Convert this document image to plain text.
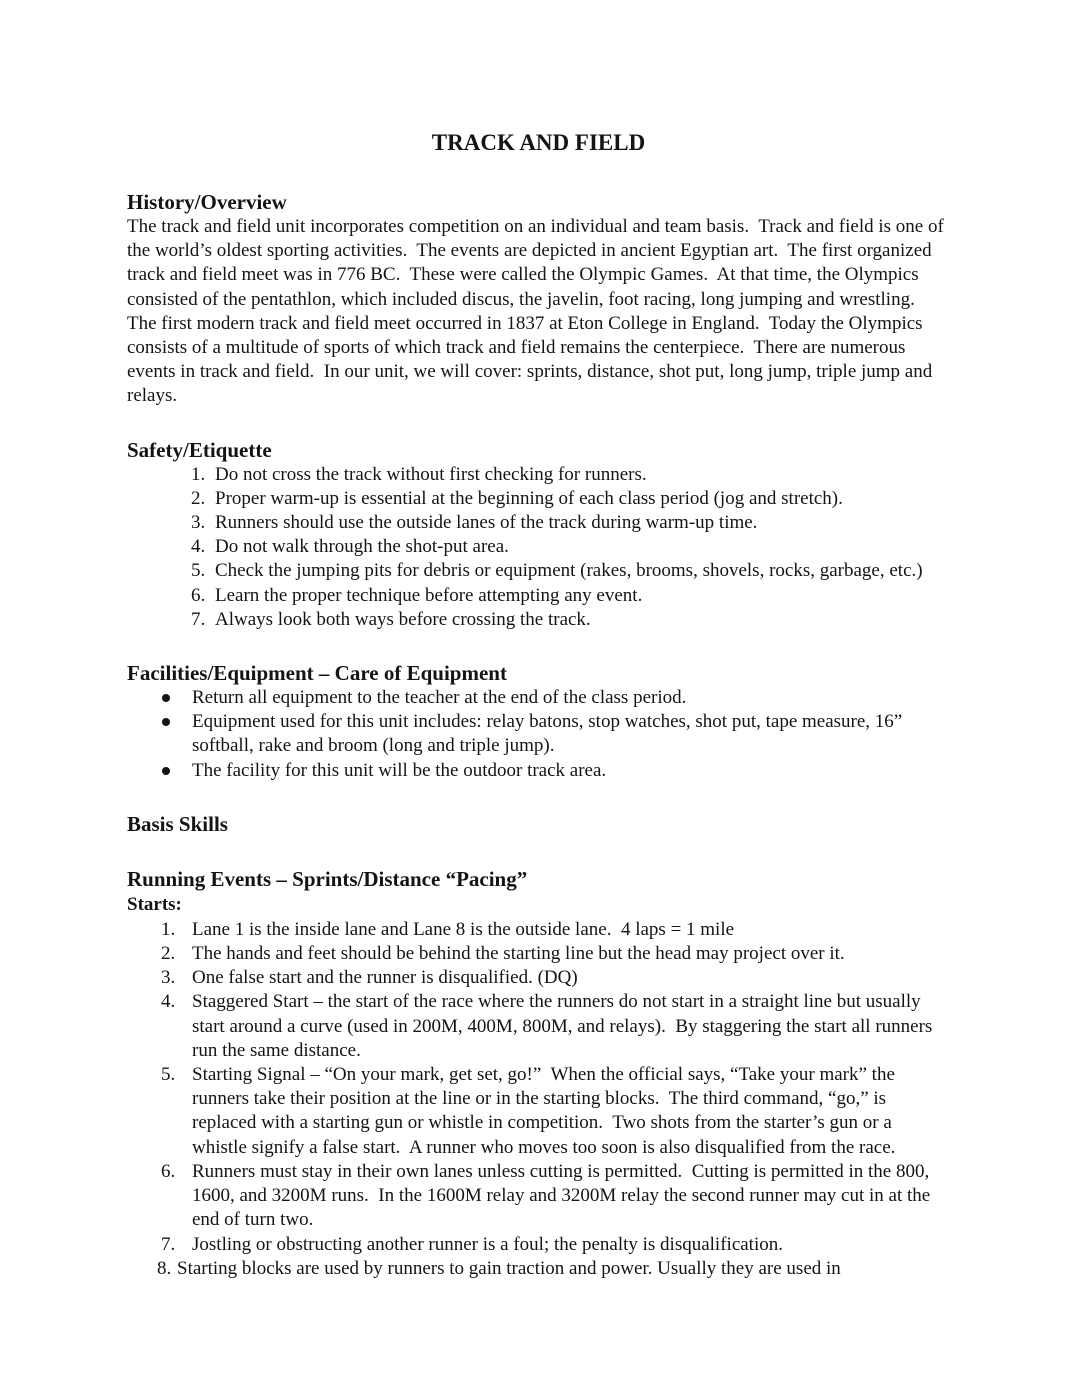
TRACK AND FIELD
History/Overview

The track and field unit incorporates competition on an individual and team basis.  Track and field is one of the world’s oldest sporting activities.  The events are depicted in ancient Egyptian art.  The first organized track and field meet was in 776 BC.  These were called the Olympic Games.  At that time, the Olympics consisted of the pentathlon, which included discus, the javelin, foot racing, long jumping and wrestling.  The first modern track and field meet occurred in 1837 at Eton College in England.  Today the Olympics consists of a multitude of sports of which track and field remains the centerpiece.  There are numerous events in track and field.  In our unit, we will cover: sprints, distance, shot put, long jump, triple jump and relays.

Safety/Etiquette
1. Do not cross the track without first checking for runners.
2. Proper warm-up is essential at the beginning of each class period (jog and stretch).
3. Runners should use the outside lanes of the track during warm-up time.
4. Do not walk through the shot-put area.
5. Check the jumping pits for debris or equipment (rakes, brooms, shovels, rocks, garbage, etc.)
6. Learn the proper technique before attempting any event.
7. Always look both ways before crossing the track.
Facilities/Equipment – Care of Equipment
Return all equipment to the teacher at the end of the class period.
Equipment used for this unit includes: relay batons, stop watches, shot put, tape measure, 16” softball, rake and broom (long and triple jump).
The facility for this unit will be the outdoor track area.
Basis Skills
Running Events – Sprints/Distance “Pacing”
Starts:
1. Lane 1 is the inside lane and Lane 8 is the outside lane.  4 laps = 1 mile
2. The hands and feet should be behind the starting line but the head may project over it.
3. One false start and the runner is disqualified. (DQ)
4. Staggered Start – the start of the race where the runners do not start in a straight line but usually start around a curve (used in 200M, 400M, 800M, and relays).  By staggering the start all runners run the same distance.
5. Starting Signal – “On your mark, get set, go!”  When the official says, “Take your mark” the runners take their position at the line or in the starting blocks.  The third command, “go,” is replaced with a starting gun or whistle in competition.  Two shots from the starter’s gun or a whistle signify a false start.  A runner who moves too soon is also disqualified from the race.
6. Runners must stay in their own lanes unless cutting is permitted.  Cutting is permitted in the 800, 1600, and 3200M runs.  In the 1600M relay and 3200M relay the second runner may cut in at the end of turn two.
7. Jostling or obstructing another runner is a foul; the penalty is disqualification.
8. Starting blocks are used by runners to gain traction and power. Usually they are used in
